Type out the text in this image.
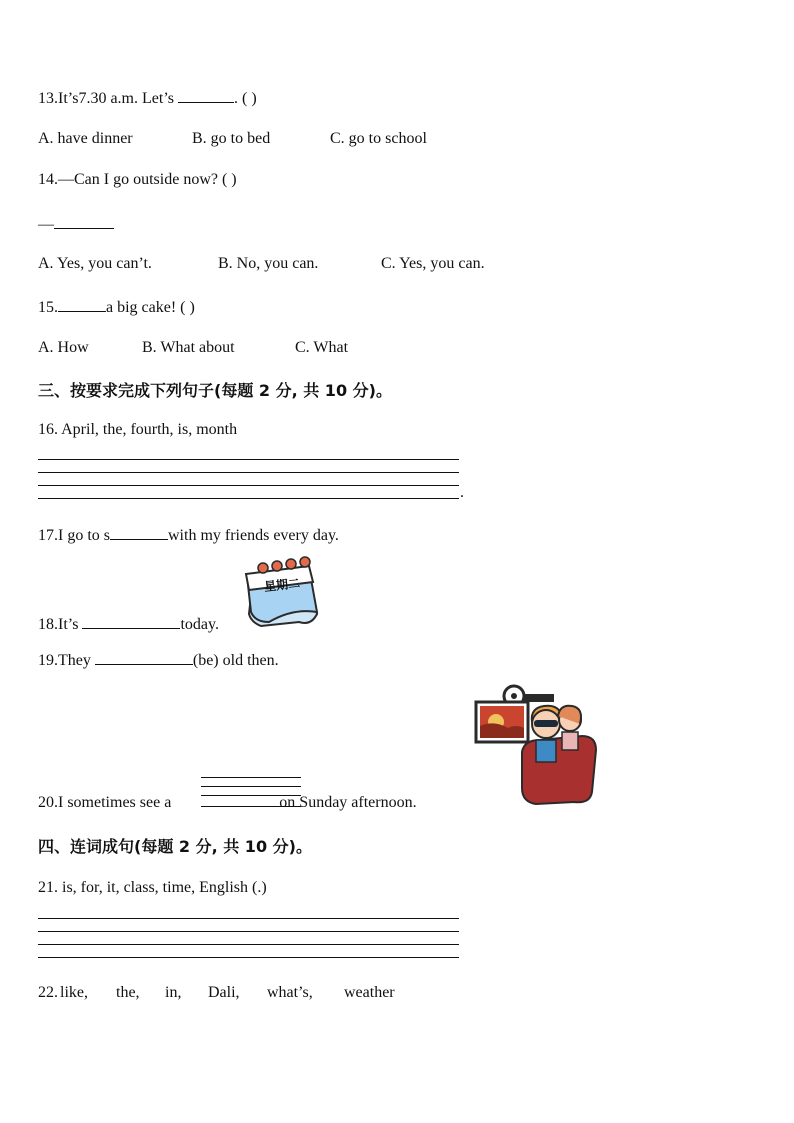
13.It’s7.30 a.m. Let’s	. ( )
A. have dinner	B. go to bed	C. go to school
14.—Can I go outside now? ( )
—
A. Yes, you can’t.	B. No, you can.	C. Yes, you can.
15.	a big cake! ( )
A. How	B. What about	C. What
三、按要求完成下列句子(每题 2 分, 共 10 分)。
16. April, the, fourth, is, month
.
17.I go to s	with my friends every day.
星期二
18.It’s	today.
19.They	(be) old then.
20.I sometimes see a	on Sunday afternoon.
四、连词成句(每题 2 分, 共 10 分)。
21. is, for, it, class, time, English (.)
22. like, the, in, Dali, what’s, weather
